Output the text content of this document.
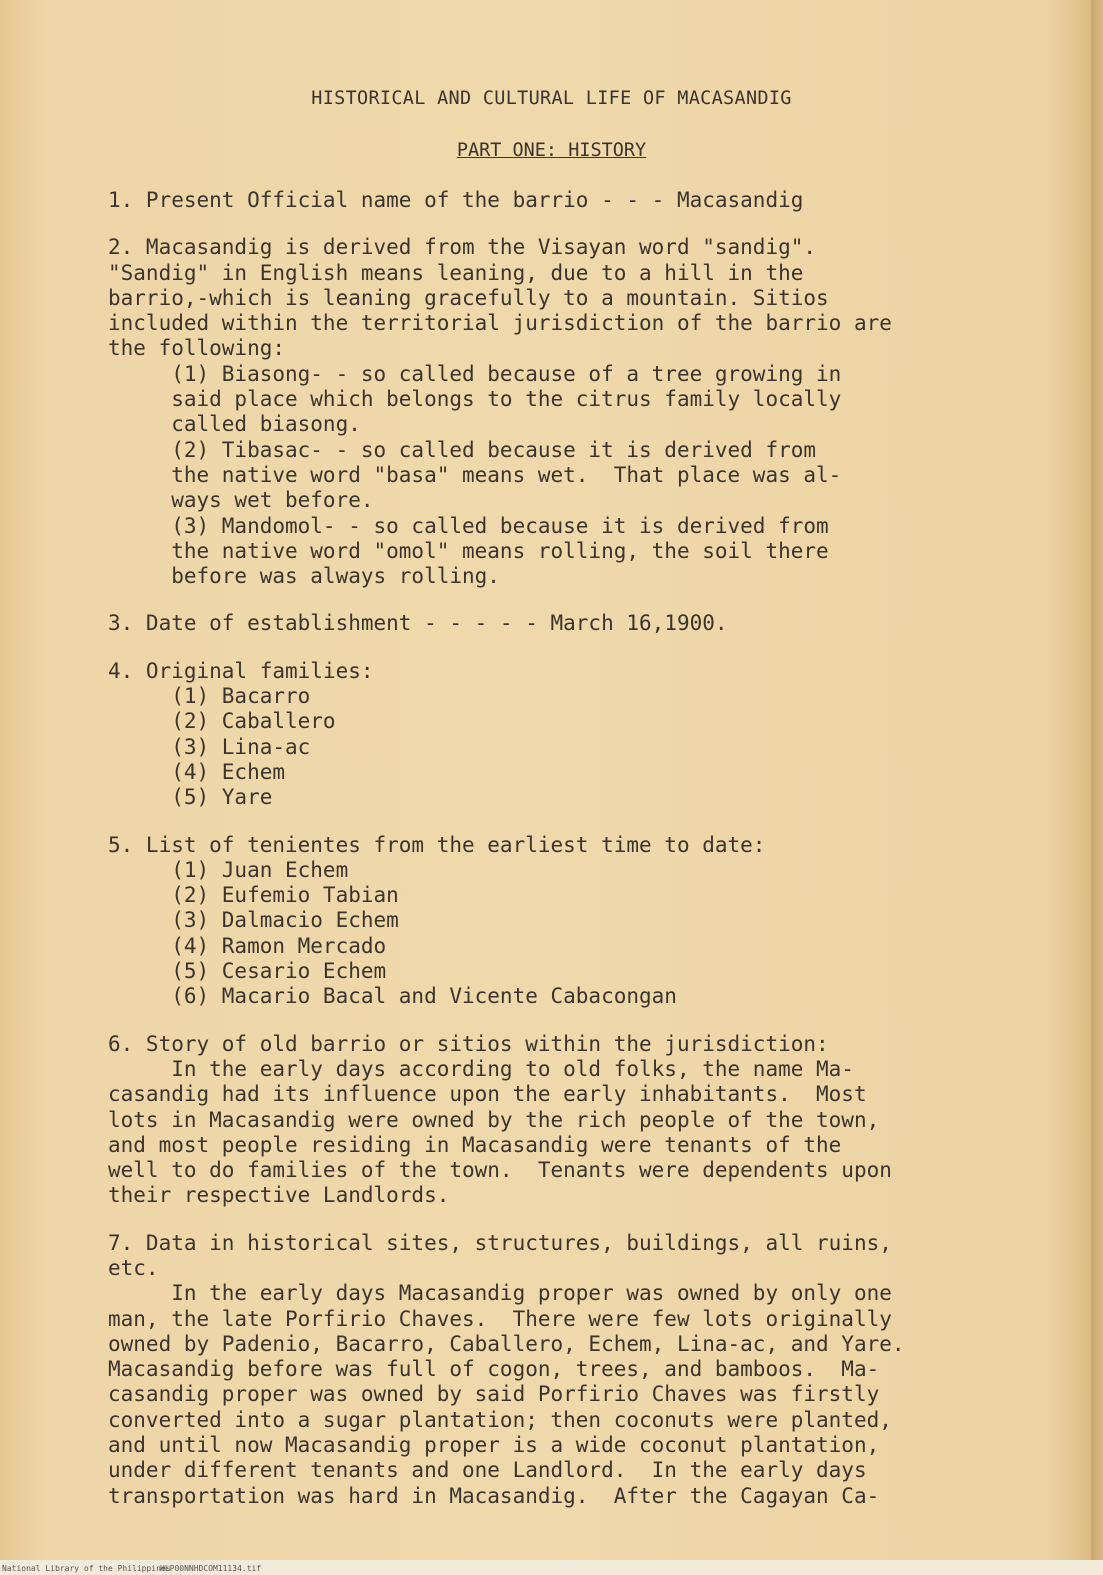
HISTORICAL AND CULTURAL LIFE OF MACASANDIG
PART ONE: HISTORY
1. Present Official name of the barrio - - - Macasandig
2. Macasandig is derived from the Visayan word "sandig".
"Sandig" in English means leaning, due to a hill in the
barrio,-which is leaning gracefully to a mountain. Sitios
included within the territorial jurisdiction of the barrio are
the following:
(1) Biasong- - so called because of a tree growing in
said place which belongs to the citrus family locally
called biasong.
(2) Tibasac- - so called because it is derived from
the native word "basa" means wet.  That place was al-
ways wet before.
(3) Mandomol- - so called because it is derived from
the native word "omol" means rolling, the soil there
before was always rolling.
3. Date of establishment - - - - - March 16,1900.
4. Original families:
(1) Bacarro
(2) Caballero
(3) Lina-ac
(4) Echem
(5) Yare
5. List of tenientes from the earliest time to date:
(1) Juan Echem
(2) Eufemio Tabian
(3) Dalmacio Echem
(4) Ramon Mercado
(5) Cesario Echem
(6) Macario Bacal and Vicente Cabacongan
6. Story of old barrio or sitios within the jurisdiction:
In the early days according to old folks, the name Ma-
casandig had its influence upon the early inhabitants.  Most
lots in Macasandig were owned by the rich people of the town,
and most people residing in Macasandig were tenants of the
well to do families of the town.  Tenants were dependents upon
their respective Landlords.
7. Data in historical sites, structures, buildings, all ruins,
etc.
In the early days Macasandig proper was owned by only one
man, the late Porfirio Chaves.  There were few lots originally
owned by Padenio, Bacarro, Caballero, Echem, Lina-ac, and Yare.
Macasandig before was full of cogon, trees, and bamboos.  Ma-
casandig proper was owned by said Porfirio Chaves was firstly
converted into a sugar plantation; then coconuts were planted,
and until now Macasandig proper is a wide coconut plantation,
under different tenants and one Landlord.  In the early days
transportation was hard in Macasandig.  After the Cagayan Ca-
National Library of the Philippines
HLP00NNHDCOM11134.tif
